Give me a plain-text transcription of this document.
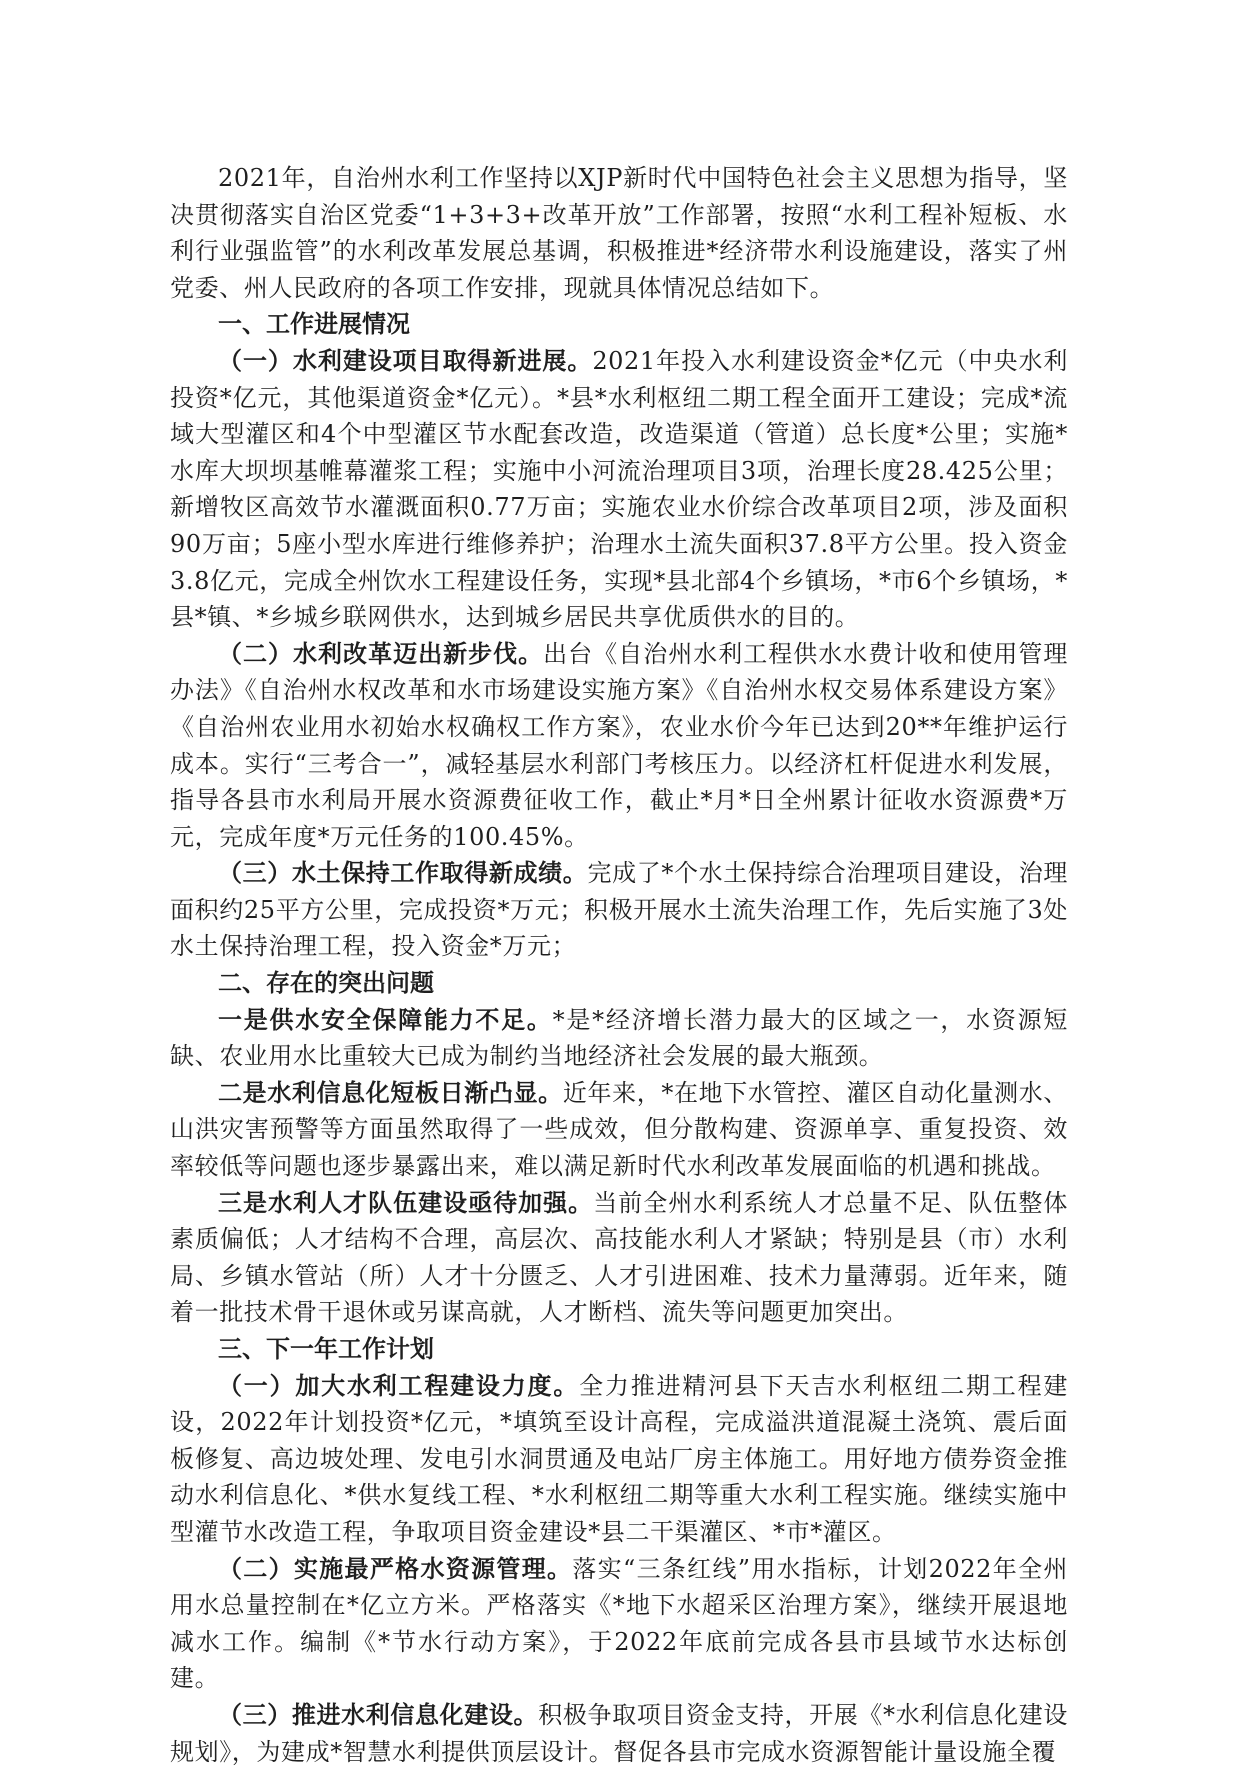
2021年，自治州水利工作坚持以XJP新时代中国特色社会主义思想为指导，坚决贯彻落实自治区党委“1+3+3+改革开放”工作部署，按照“水利工程补短板、水利行业强监管”的水利改革发展总基调，积极推进*经济带水利设施建设，落实了州党委、州人民政府的各项工作安排，现就具体情况总结如下。

一、工作进展情况

（一）水利建设项目取得新进展。2021年投入水利建设资金*亿元（中央水利投资*亿元，其他渠道资金*亿元）。*县*水利枢纽二期工程全面开工建设；完成*流域大型灌区和4个中型灌区节水配套改造，改造渠道（管道）总长度*公里；实施*水库大坝坝基帷幕灌浆工程；实施中小河流治理项目3项，治理长度28.425公里；新增牧区高效节水灌溉面积0.77万亩；实施农业水价综合改革项目2项，涉及面积90万亩；5座小型水库进行维修养护；治理水土流失面积37.8平方公里。投入资金3.8亿元，完成全州饮水工程建设任务，实现*县北部4个乡镇场，*市6个乡镇场，*县*镇、*乡城乡联网供水，达到城乡居民共享优质供水的目的。

（二）水利改革迈出新步伐。出台《自治州水利工程供水水费计收和使用管理办法》《自治州水权改革和水市场建设实施方案》《自治州水权交易体系建设方案》《自治州农业用水初始水权确权工作方案》，农业水价今年已达到20**年维护运行成本。实行“三考合一”，减轻基层水利部门考核压力。以经济杠杆促进水利发展，指导各县市水利局开展水资源费征收工作，截止*月*日全州累计征收水资源费*万元，完成年度*万元任务的100.45%。

（三）水土保持工作取得新成绩。完成了*个水土保持综合治理项目建设，治理面积约25平方公里，完成投资*万元；积极开展水土流失治理工作，先后实施了3处水土保持治理工程，投入资金*万元；

二、存在的突出问题

一是供水安全保障能力不足。*是*经济增长潜力最大的区域之一，水资源短缺、农业用水比重较大已成为制约当地经济社会发展的最大瓶颈。

二是水利信息化短板日渐凸显。近年来，*在地下水管控、灌区自动化量测水、山洪灾害预警等方面虽然取得了一些成效，但分散构建、资源单享、重复投资、效率较低等问题也逐步暴露出来，难以满足新时代水利改革发展面临的机遇和挑战。

三是水利人才队伍建设亟待加强。当前全州水利系统人才总量不足、队伍整体素质偏低；人才结构不合理，高层次、高技能水利人才紧缺；特别是县（市）水利局、乡镇水管站（所）人才十分匮乏、人才引进困难、技术力量薄弱。近年来，随着一批技术骨干退休或另谋高就，人才断档、流失等问题更加突出。

三、下一年工作计划

（一）加大水利工程建设力度。全力推进精河县下天吉水利枢纽二期工程建设，2022年计划投资*亿元，*填筑至设计高程，完成溢洪道混凝土浇筑、震后面板修复、高边坡处理、发电引水洞贯通及电站厂房主体施工。用好地方债券资金推动水利信息化、*供水复线工程、*水利枢纽二期等重大水利工程实施。继续实施中型灌节水改造工程，争取项目资金建设*县二干渠灌区、*市*灌区。

（二）实施最严格水资源管理。落实“三条红线”用水指标，计划2022年全州用水总量控制在*亿立方米。严格落实《*地下水超采区治理方案》，继续开展退地减水工作。编制《*节水行动方案》，于2022年底前完成各县市县域节水达标创建。

（三）推进水利信息化建设。积极争取项目资金支持，开展《*水利信息化建设规划》，为建成*智慧水利提供顶层设计。督促各县市完成水资源智能计量设施全覆
